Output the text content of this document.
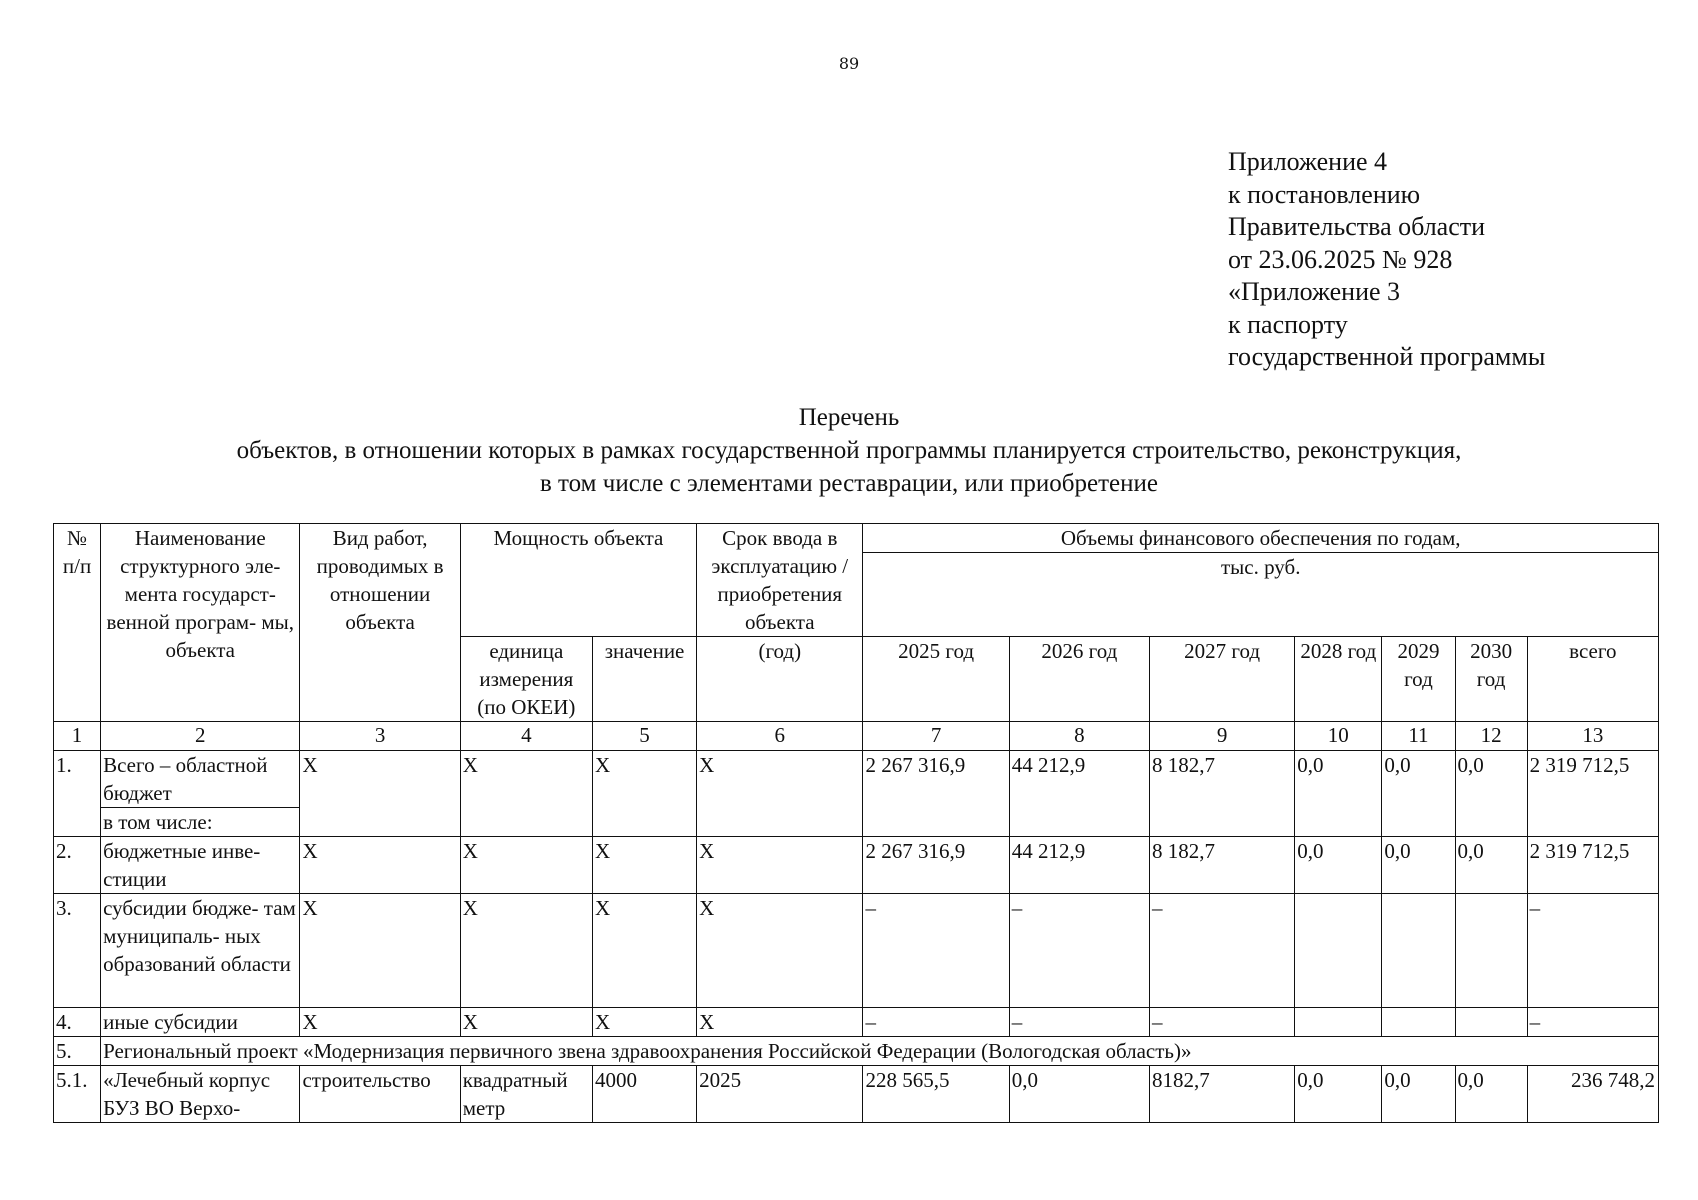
89
Приложение 4
к постановлению
Правительства области
от 23.06.2025 № 928
«Приложение 3
к паспорту
государственной программы
Перечень
объектов, в отношении которых в рамках государственной программы планируется строительство, реконструкция,
в том числе с элементами реставрации, или приобретение
№ п/п	Наименование структурного эле- мента государст- венной програм- мы, объекта	Вид работ, проводимых в отношении объекта	Мощность объекта		Срок ввода в эксплуатацию / приобретения объекта	Объемы финансового обеспечения по годам,						
						тыс. руб.						
			единица измерения (по ОКЕИ)	значение	(год)	2025 год	2026 год	2027 год	2028 год	2029 год	2030 год	всего
1	2	3	4	5	6	7	8	9	10	11	12	13
1.	Всего – областной бюджет	Х	Х	Х	Х	2 267 316,9	44 212,9	8 182,7	0,0	0,0	0,0	2 319 712,5
	в том числе:											
2.	бюджетные инве- стиции	Х	Х	Х	Х	2 267 316,9	44 212,9	8 182,7	0,0	0,0	0,0	2 319 712,5
3.	субсидии бюдже- там муниципаль- ных образований области	Х	Х	Х	Х	–	–	–				–
4.	иные субсидии	Х	Х	Х	Х	–	–	–				–
5.	Региональный проект «Модернизация первичного звена здравоохранения Российской Федерации (Вологодская область)»											
5.1.	«Лечебный корпус БУЗ ВО Верхо-	строительство	квадратный метр	4000	2025	228 565,5	0,0	8182,7	0,0	0,0	0,0	236 748,2
